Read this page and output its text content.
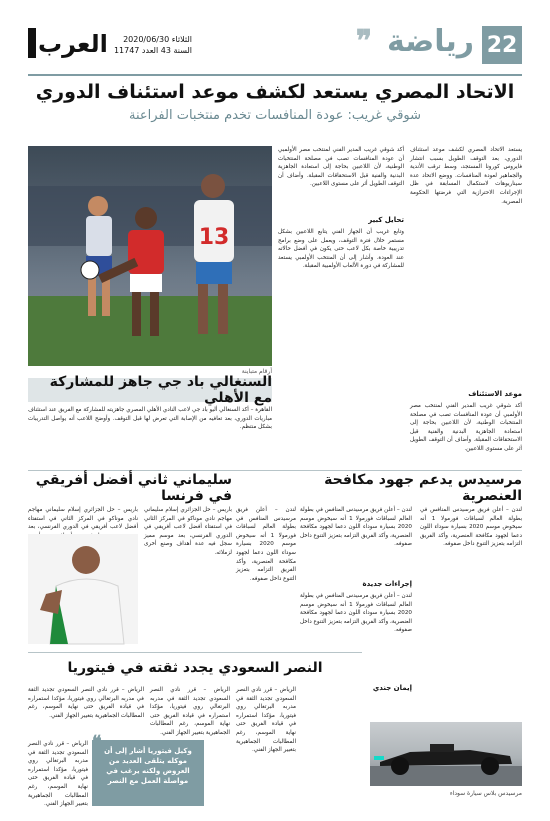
22
رياضة
❞
العرب	الثلاثاء 2020/06/30
السنة 43 العدد 11747
الاتحاد المصري يستعد لكشف موعد استئناف الدوري
شوقي غريب: عودة المنافسات تخدم منتخبات الفراعنة
13
أرقام متباينة
يستعد الاتحاد المصري لكشف موعد استئناف الدوري، بعد التوقف الطويل بسبب انتشار فايروس كورونا المستجد، وسط ترقب الأندية والجماهير لعودة المنافسات. ووضع الاتحاد عدة سيناريوهات لاستكمال المسابقة في ظل الإجراءات الاحترازية التي فرضتها الحكومة المصرية.
موعد الاستئناف
أكد شوقي غريب المدير الفني لمنتخب مصر الأولمبي أن عودة المنافسات تصب في مصلحة المنتخبات الوطنية، لأن اللاعبين بحاجة إلى استعادة الجاهزية البدنية والفنية قبل الاستحقاقات المقبلة. وأضاف أن التوقف الطويل أثر على مستوى اللاعبين.
أكد شوقي غريب المدير الفني لمنتخب مصر الأولمبي أن عودة المنافسات تصب في مصلحة المنتخبات الوطنية، لأن اللاعبين بحاجة إلى استعادة الجاهزية البدنية والفنية قبل الاستحقاقات المقبلة. وأضاف أن التوقف الطويل أثر على مستوى اللاعبين.
تحايل كبير
وتابع غريب أن الجهاز الفني يتابع اللاعبين بشكل مستمر خلال فترة التوقف، ويعمل على وضع برامج تدريبية خاصة بكل لاعب حتى يكون في أفضل حالاته عند العودة. وأشار إلى أن المنتخب الأولمبي يستعد للمشاركة في دورة الألعاب الأولمبية المقبلة.
السنغالي باد جي جاهز للمشاركة مع الأهلي
القاهرة – أكد السنغالي أليو باد جي لاعب النادي الأهلي المصري جاهزيته للمشاركة مع الفريق عند استئناف مباريات الدوري، بعد تعافيه من الإصابة التي تعرض لها قبل التوقف. وأوضح اللاعب أنه يواصل التدريبات بشكل منتظم.
مرسيدس يدعم جهود مكافحة العنصرية
لندن – أعلن فريق مرسيدس المنافس في بطولة العالم لسباقات فورمولا 1 أنه سيخوض موسم 2020 بسيارة سوداء اللون دعما لجهود مكافحة العنصرية، وأكد الفريق التزامه بتعزيز التنوع داخل صفوفه.
لندن – أعلن فريق مرسيدس المنافس في بطولة العالم لسباقات فورمولا 1 أنه سيخوض موسم 2020 بسيارة سوداء اللون دعما لجهود مكافحة العنصرية، وأكد الفريق التزامه بتعزيز التنوع داخل صفوفه.
إجراءات جديدة
لندن – أعلن فريق مرسيدس المنافس في بطولة العالم لسباقات فورمولا 1 أنه سيخوض موسم 2020 بسيارة سوداء اللون دعما لجهود مكافحة العنصرية، وأكد الفريق التزامه بتعزيز التنوع داخل صفوفه.
إيمان جندي
لندن – أعلن فريق مرسيدس المنافس في بطولة العالم لسباقات فورمولا 1 أنه سيخوض موسم 2020 بسيارة سوداء اللون دعما لجهود مكافحة العنصرية، وأكد الفريق التزامه بتعزيز التنوع داخل صفوفه.
مرسيدس بلاس سيارة سوداء
سليماني ثاني أفضل أفريقي في فرنسا
باريس – حل الجزائري إسلام سليماني مهاجم نادي موناكو في المركز الثاني في استفتاء أفضل لاعب أفريقي في الدوري الفرنسي، بعد موسم مميز سجل فيه عدة أهداف وصنع أخرى لزملائه.
باريس – حل الجزائري إسلام سليماني مهاجم نادي موناكو في المركز الثاني في استفتاء أفضل لاعب أفريقي في الدوري الفرنسي، بعد
النصر السعودي يجدد ثقته في فيتوريا
الرياض – قرر نادي النصر السعودي تجديد الثقة في مدربه البرتغالي روي فيتوريا، مؤكدا استمراره في قيادة الفريق حتى نهاية الموسم، رغم المطالبات الجماهيرية بتغيير الجهاز الفني.
الرياض – قرر نادي النصر السعودي تجديد الثقة في مدربه البرتغالي روي فيتوريا، مؤكدا استمراره في قيادة الفريق حتى نهاية الموسم، رغم المطالبات الجماهيرية بتغيير الجهاز الفني.
الرياض – قرر نادي النصر السعودي تجديد الثقة في مدربه البرتغالي روي فيتوريا، مؤكدا استمراره في قيادة الفريق حتى نهاية الموسم، رغم المطالبات الجماهيرية بتغيير الجهاز الفني.
الرياض – قرر نادي النصر السعودي تجديد الثقة في مدربه البرتغالي روي فيتوريا، مؤكدا استمراره في قيادة الفريق حتى نهاية الموسم، رغم المطالبات الجماهيرية بتغيير الجهاز الفني.
وكيل فيتوريا أشار إلى أن موكله يتلقى العديد من العروض ولكنه يرغب في مواصلة العمل مع النصر
